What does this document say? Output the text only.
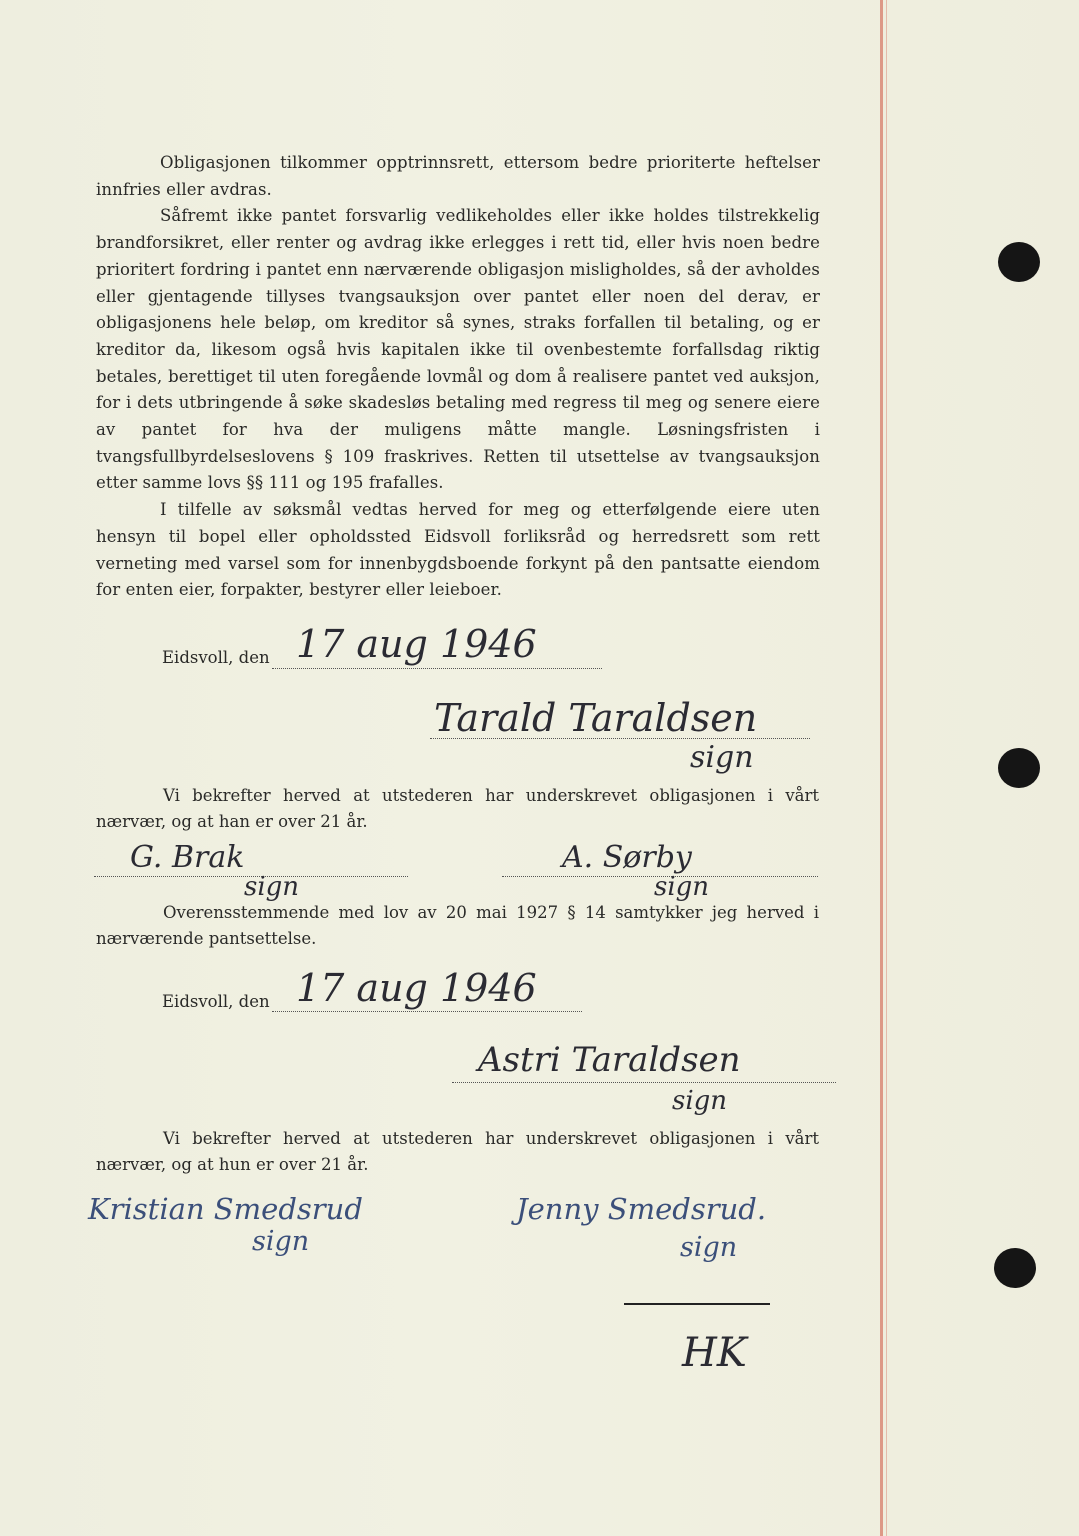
Obligasjonen tilkommer opptrinnsrett, ettersom bedre prioriterte heftelser innfries eller avdras.

Såfremt ikke pantet forsvarlig vedlikeholdes eller ikke holdes tilstrekkelig brandforsikret, eller renter og avdrag ikke erlegges i rett tid, eller hvis noen bedre prioritert fordring i pantet enn nærværende obligasjon misligholdes, så der avholdes eller gjentagende tillyses tvangsauksjon over pantet eller noen del derav, er obligasjonens hele beløp, om kreditor så synes, straks forfallen til betaling, og er kreditor da, likesom også hvis kapitalen ikke til ovenbestemte forfallsdag riktig betales, berettiget til uten foregående lovmål og dom å realisere pantet ved auksjon, for i dets utbringende å søke skadesløs betaling med regress til meg og senere eiere av pantet for hva der muligens måtte mangle. Løsningsfristen i tvangsfullbyrdelseslovens § 109 fraskrives. Retten til utsettelse av tvangsauksjon etter samme lovs §§ 111 og 195 frafalles.

I tilfelle av søksmål vedtas herved for meg og etterfølgende eiere uten hensyn til bopel eller opholdssted Eidsvoll forliksråd og herredsrett som rett verneting med varsel som for innenbygdsboende forkynt på den pantsatte eiendom for enten eier, forpakter, bestyrer eller leieboer.

Eidsvoll, den 17 aug 1946
Tarald Taraldsen
sign
Vi bekrefter herved at utstederen har underskrevet obligasjonen i vårt
nærvær, og at han er over 21 år.
G. Brak
sign
A. Sørby
sign
Overensstemmende med lov av 20 mai 1927 § 14 samtykker jeg herved i
nærværende pantsettelse.
Eidsvoll, den 17 aug 1946
Astri Taraldsen
sign
Vi bekrefter herved at utstederen har underskrevet obligasjonen i vårt
nærvær, og at hun er over 21 år.
Kristian Smedsrud
sign
Jenny Smedsrud.
sign
HK
